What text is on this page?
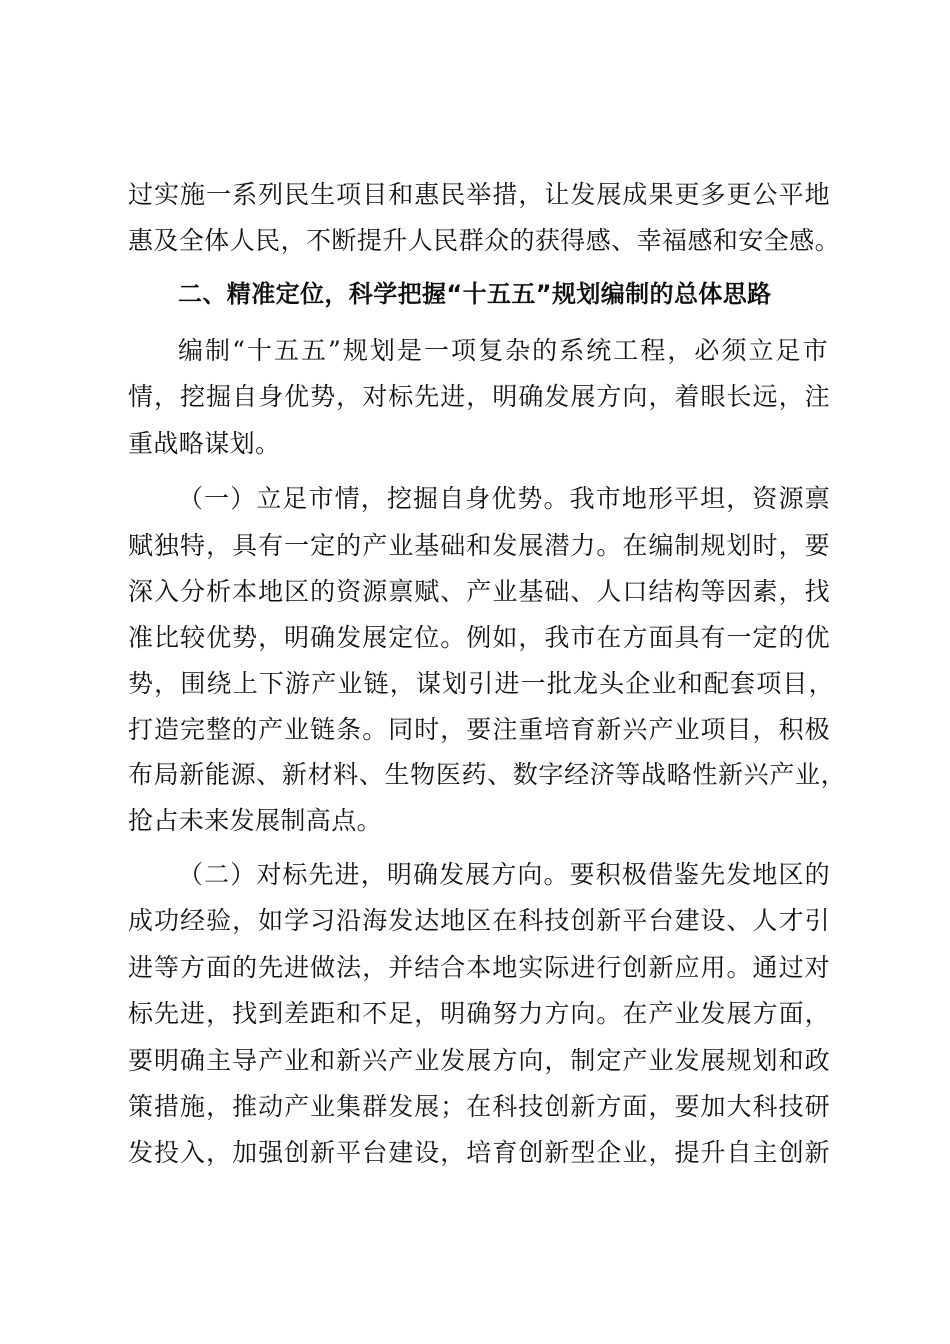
过实施一系列民生项目和惠民举措，让发展成果更多更公平地
惠及全体人民，不断提升人民群众的获得感、幸福感和安全感。
二、精准定位，科学把握“十五五”规划编制的总体思路
编制“十五五”规划是一项复杂的系统工程，必须立足市
情，挖掘自身优势，对标先进，明确发展方向，着眼长远，注
重战略谋划。
（一）立足市情，挖掘自身优势。我市地形平坦，资源禀
赋独特，具有一定的产业基础和发展潜力。在编制规划时，要
深入分析本地区的资源禀赋、产业基础、人口结构等因素，找
准比较优势，明确发展定位。例如，我市在方面具有一定的优
势，围绕上下游产业链，谋划引进一批龙头企业和配套项目，
打造完整的产业链条。同时，要注重培育新兴产业项目，积极
布局新能源、新材料、生物医药、数字经济等战略性新兴产业，
抢占未来发展制高点。
（二）对标先进，明确发展方向。要积极借鉴先发地区的
成功经验，如学习沿海发达地区在科技创新平台建设、人才引
进等方面的先进做法，并结合本地实际进行创新应用。通过对
标先进，找到差距和不足，明确努力方向。在产业发展方面，
要明确主导产业和新兴产业发展方向，制定产业发展规划和政
策措施，推动产业集群发展；在科技创新方面，要加大科技研
发投入，加强创新平台建设，培育创新型企业，提升自主创新
